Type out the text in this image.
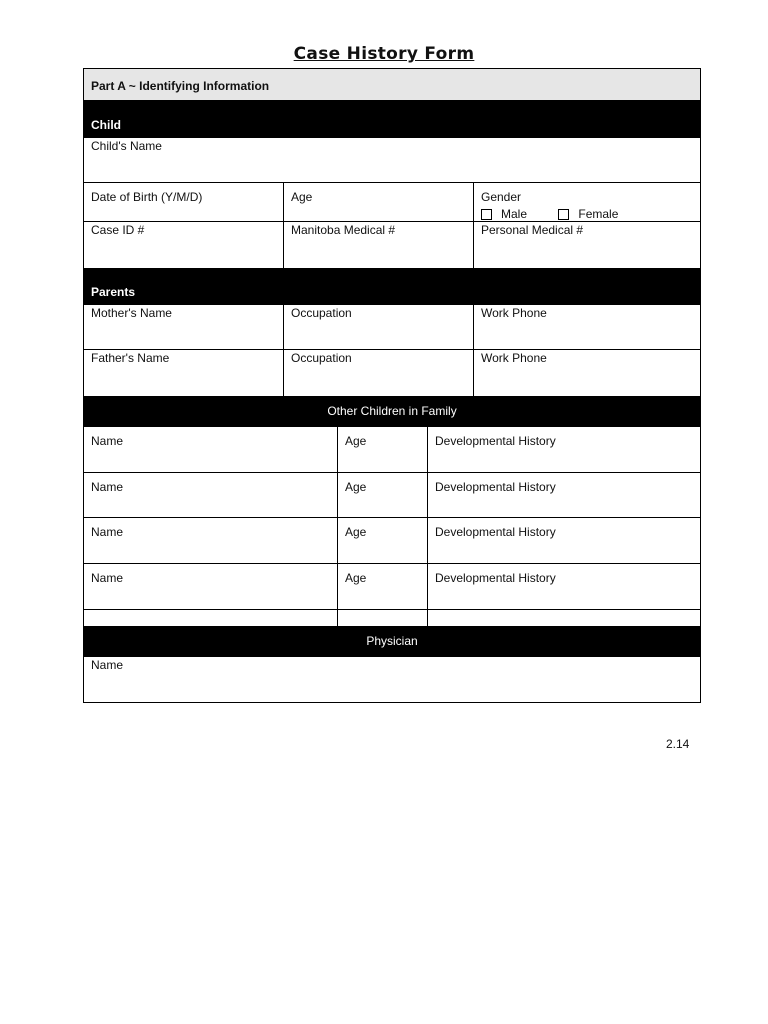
Case History Form
Part A ~ Identifying Information
Child
Child's Name
Date of Birth (Y/M/D)	Age	Gender
Male	Female
Case ID #	Manitoba Medical #	Personal Medical #
Parents
Mother's Name	Occupation	Work Phone
Father's Name	Occupation	Work Phone
Other Children in Family
Name	Age	Developmental History
Name	Age	Developmental History
Name	Age	Developmental History
Name	Age	Developmental History
Physician
Name
2.14
